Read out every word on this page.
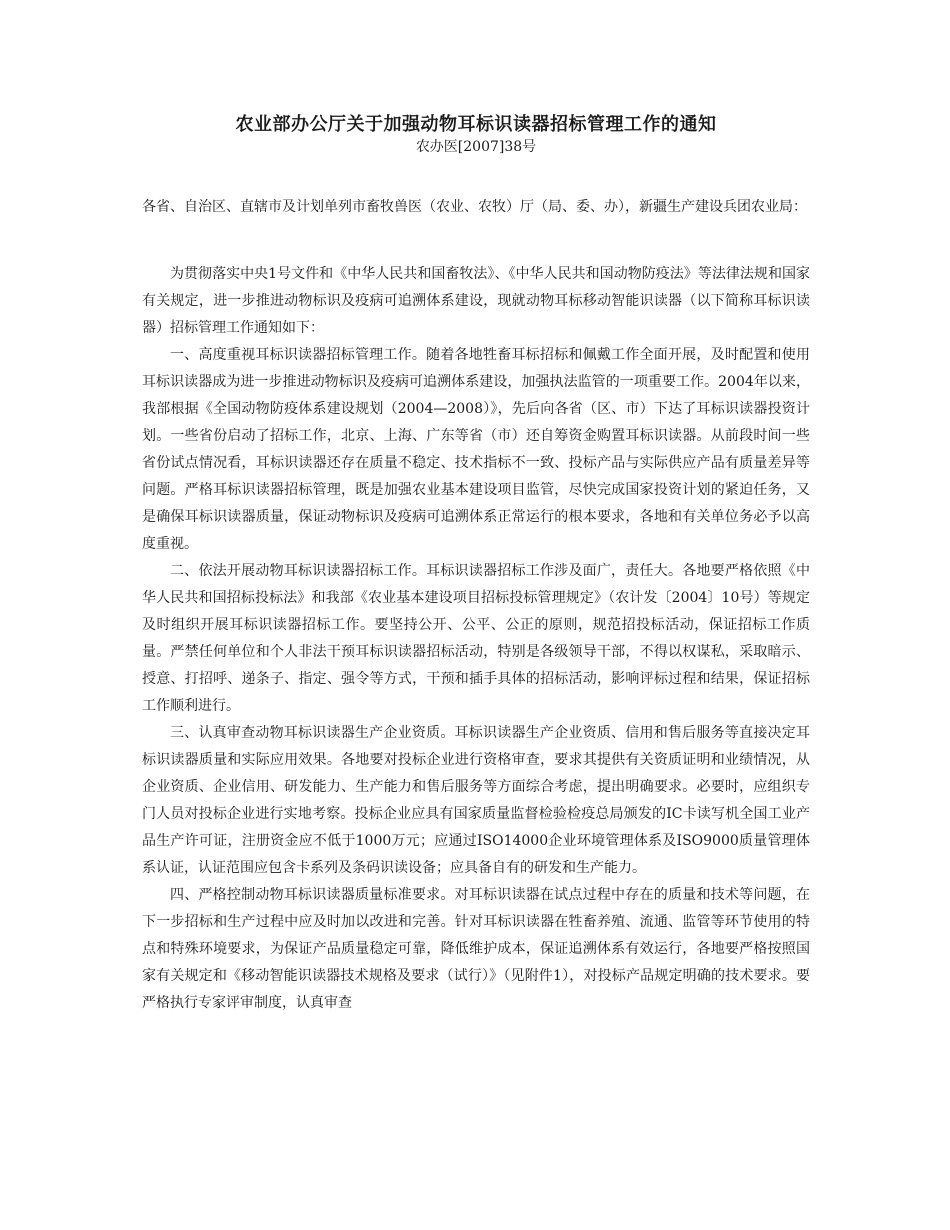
农业部办公厅关于加强动物耳标识读器招标管理工作的通知

农办医[2007]38号

各省、自治区、直辖市及计划单列市畜牧兽医（农业、农牧）厅（局、委、办），新疆生产建设兵团农业局：

为贯彻落实中央1号文件和《中华人民共和国畜牧法》、《中华人民共和国动物防疫法》等法律法规和国家有关规定，进一步推进动物标识及疫病可追溯体系建设，现就动物耳标移动智能识读器（以下简称耳标识读器）招标管理工作通知如下：

一、高度重视耳标识读器招标管理工作。随着各地牲畜耳标招标和佩戴工作全面开展，及时配置和使用耳标识读器成为进一步推进动物标识及疫病可追溯体系建设，加强执法监管的一项重要工作。2004年以来，我部根据《全国动物防疫体系建设规划（2004—2008）》，先后向各省（区、市）下达了耳标识读器投资计划。一些省份启动了招标工作，北京、上海、广东等省（市）还自筹资金购置耳标识读器。从前段时间一些省份试点情况看，耳标识读器还存在质量不稳定、技术指标不一致、投标产品与实际供应产品有质量差异等问题。严格耳标识读器招标管理，既是加强农业基本建设项目监管，尽快完成国家投资计划的紧迫任务，又是确保耳标识读器质量，保证动物标识及疫病可追溯体系正常运行的根本要求，各地和有关单位务必予以高度重视。

二、依法开展动物耳标识读器招标工作。耳标识读器招标工作涉及面广，责任大。各地要严格依照《中华人民共和国招标投标法》和我部《农业基本建设项目招标投标管理规定》（农计发〔2004〕10号）等规定及时组织开展耳标识读器招标工作。要坚持公开、公平、公正的原则，规范招投标活动，保证招标工作质量。严禁任何单位和个人非法干预耳标识读器招标活动，特别是各级领导干部，不得以权谋私，采取暗示、授意、打招呼、递条子、指定、强令等方式，干预和插手具体的招标活动，影响评标过程和结果，保证招标工作顺利进行。

三、认真审查动物耳标识读器生产企业资质。耳标识读器生产企业资质、信用和售后服务等直接决定耳标识读器质量和实际应用效果。各地要对投标企业进行资格审查，要求其提供有关资质证明和业绩情况，从企业资质、企业信用、研发能力、生产能力和售后服务等方面综合考虑，提出明确要求。必要时，应组织专门人员对投标企业进行实地考察。投标企业应具有国家质量监督检验检疫总局颁发的IC卡读写机全国工业产品生产许可证，注册资金应不低于1000万元；应通过ISO14000企业环境管理体系及ISO9000质量管理体系认证，认证范围应包含卡系列及条码识读设备；应具备自有的研发和生产能力。

四、严格控制动物耳标识读器质量标准要求。对耳标识读器在试点过程中存在的质量和技术等问题，在下一步招标和生产过程中应及时加以改进和完善。针对耳标识读器在牲畜养殖、流通、监管等环节使用的特点和特殊环境要求，为保证产品质量稳定可靠，降低维护成本，保证追溯体系有效运行，各地要严格按照国家有关规定和《移动智能识读器技术规格及要求（试行）》（见附件1），对投标产品规定明确的技术要求。要严格执行专家评审制度，认真审查
